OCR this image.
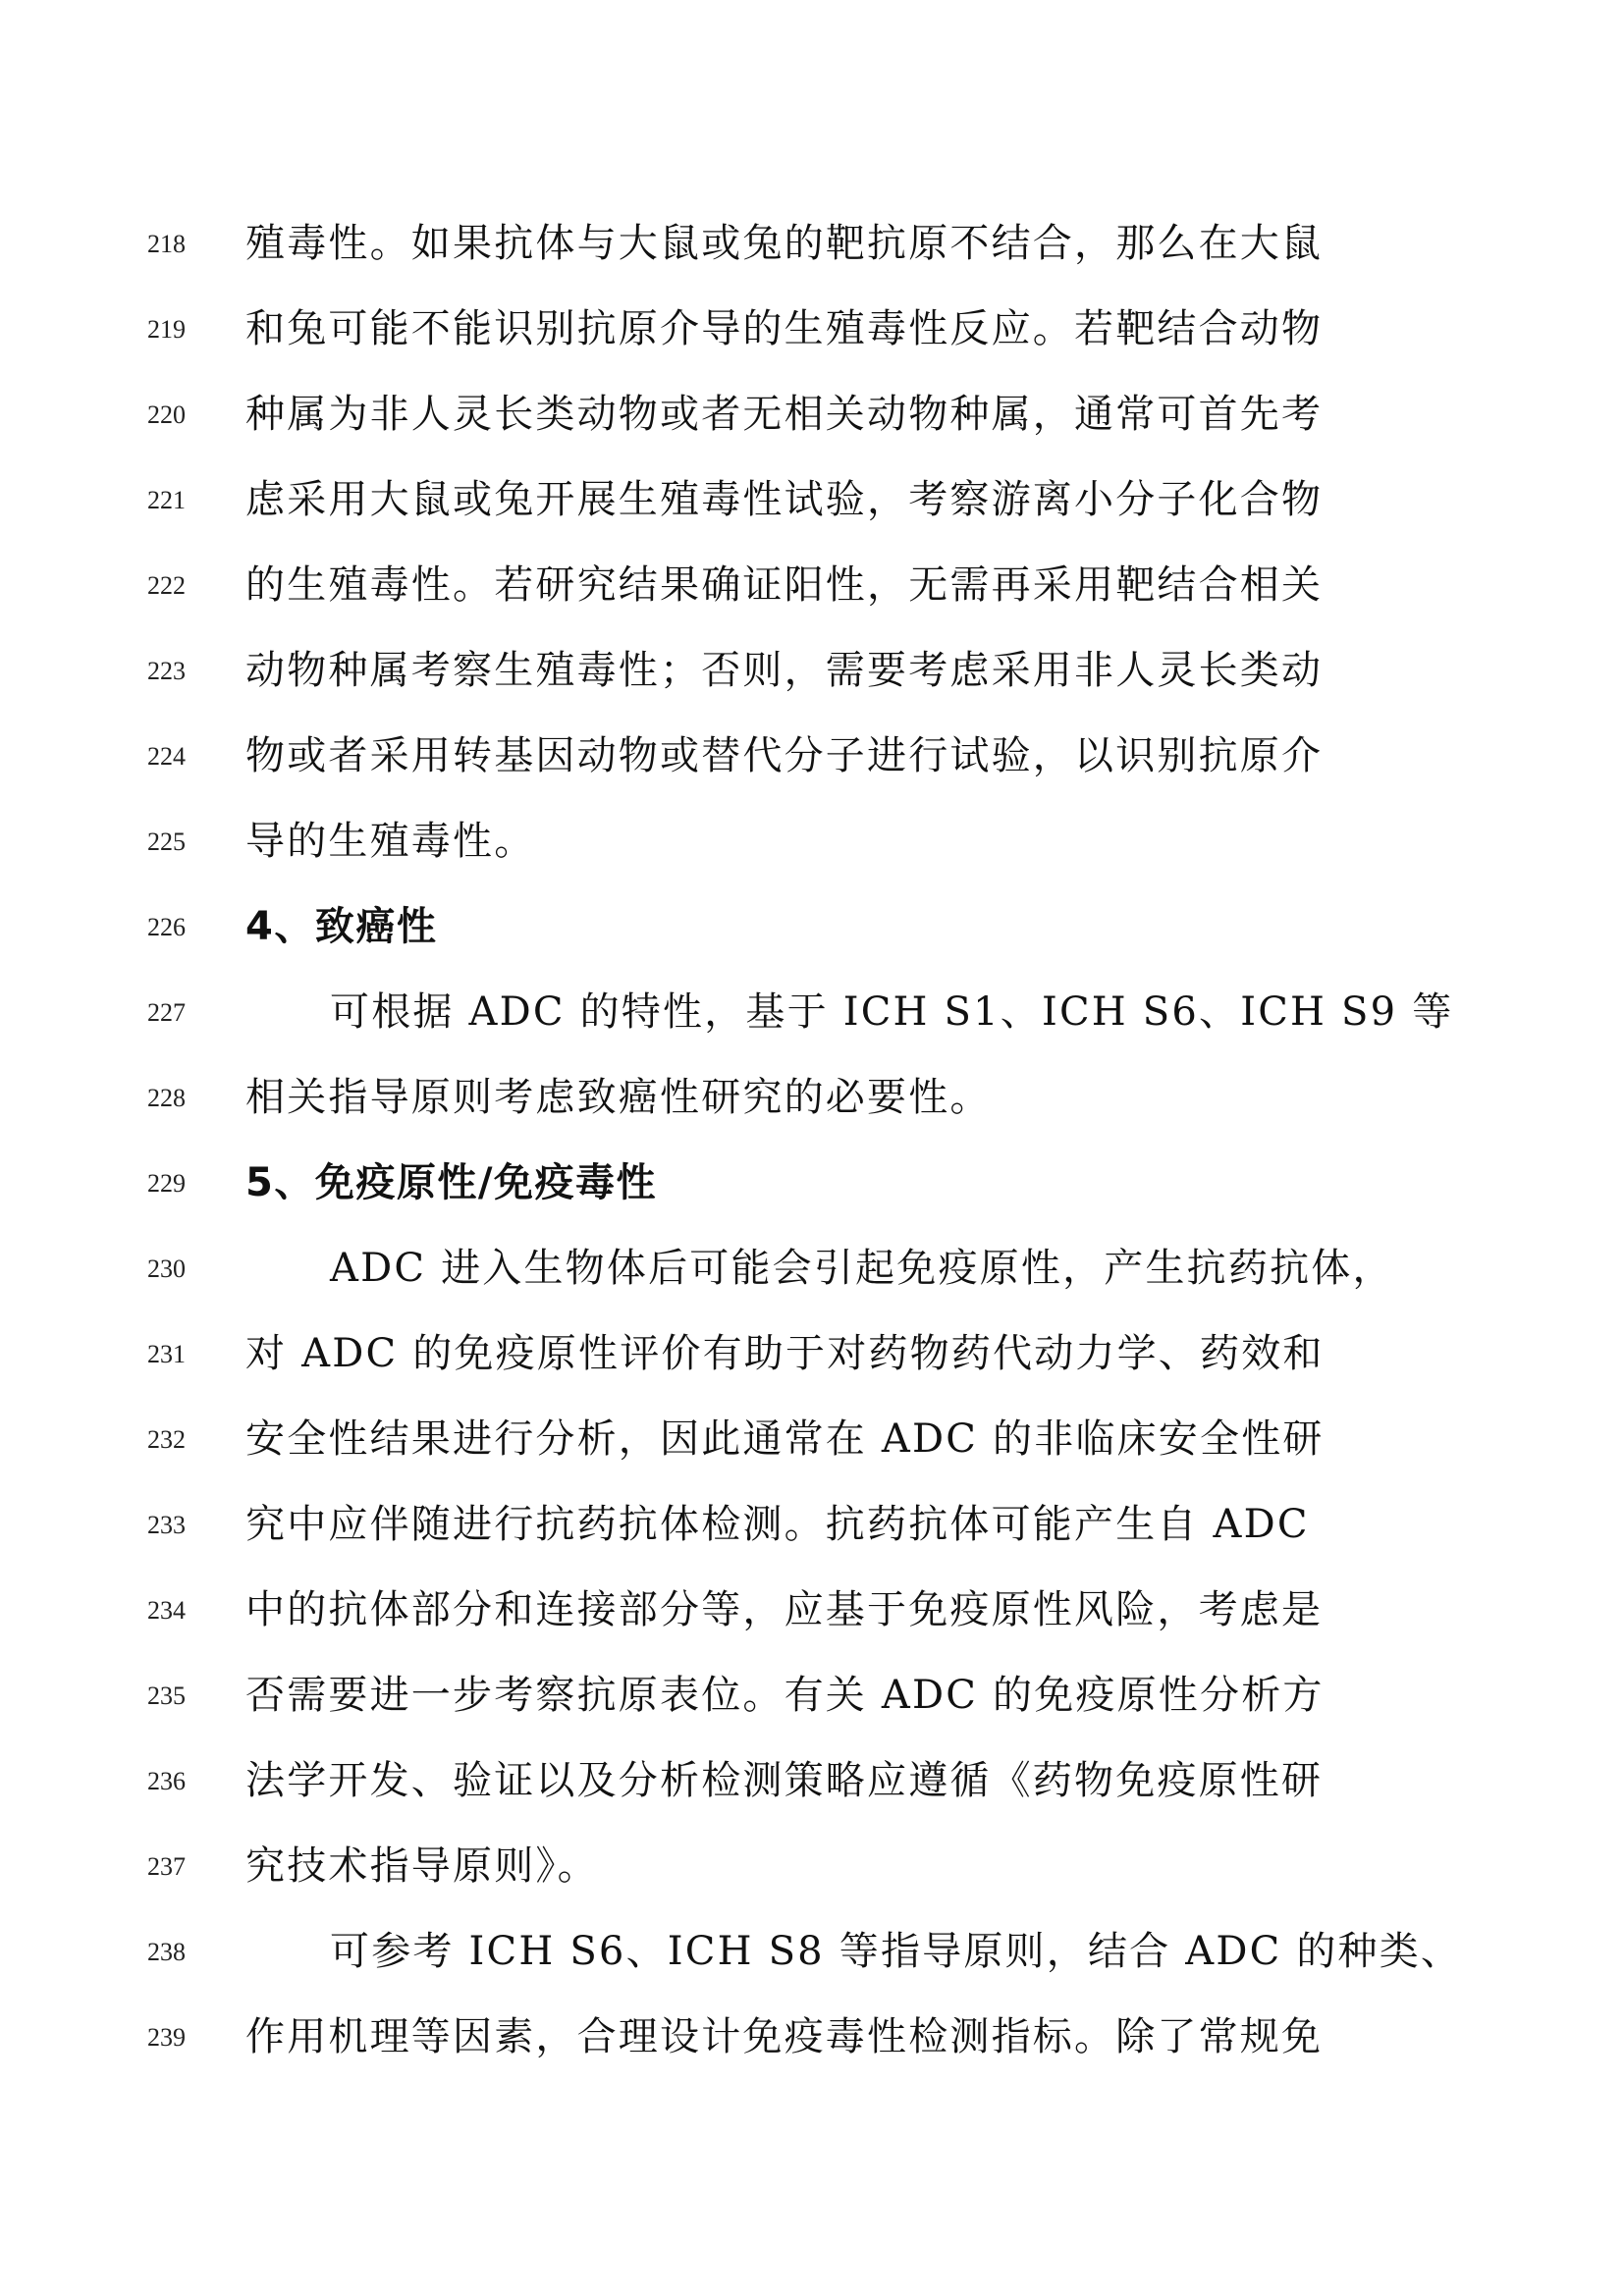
218	殖毒性。如果抗体与大鼠或兔的靶抗原不结合，那么在大鼠
219	和兔可能不能识别抗原介导的生殖毒性反应。若靶结合动物
220	种属为非人灵长类动物或者无相关动物种属，通常可首先考
221	虑采用大鼠或兔开展生殖毒性试验，考察游离小分子化合物
222	的生殖毒性。若研究结果确证阳性，无需再采用靶结合相关
223	动物种属考察生殖毒性；否则，需要考虑采用非人灵长类动
224	物或者采用转基因动物或替代分子进行试验，以识别抗原介
225	导的生殖毒性。
226	4、致癌性
227	可根据 ADC 的特性，基于 ICH S1、ICH S6、ICH S9 等
228	相关指导原则考虑致癌性研究的必要性。
229	5、免疫原性/免疫毒性
230	ADC 进入生物体后可能会引起免疫原性，产生抗药抗体，
231	对 ADC 的免疫原性评价有助于对药物药代动力学、药效和
232	安全性结果进行分析，因此通常在 ADC 的非临床安全性研
233	究中应伴随进行抗药抗体检测。抗药抗体可能产生自 ADC
234	中的抗体部分和连接部分等，应基于免疫原性风险，考虑是
235	否需要进一步考察抗原表位。有关 ADC 的免疫原性分析方
236	法学开发、验证以及分析检测策略应遵循《药物免疫原性研
237	究技术指导原则》。
238	可参考 ICH S6、ICH S8 等指导原则，结合 ADC 的种类、
239	作用机理等因素，合理设计免疫毒性检测指标。除了常规免
